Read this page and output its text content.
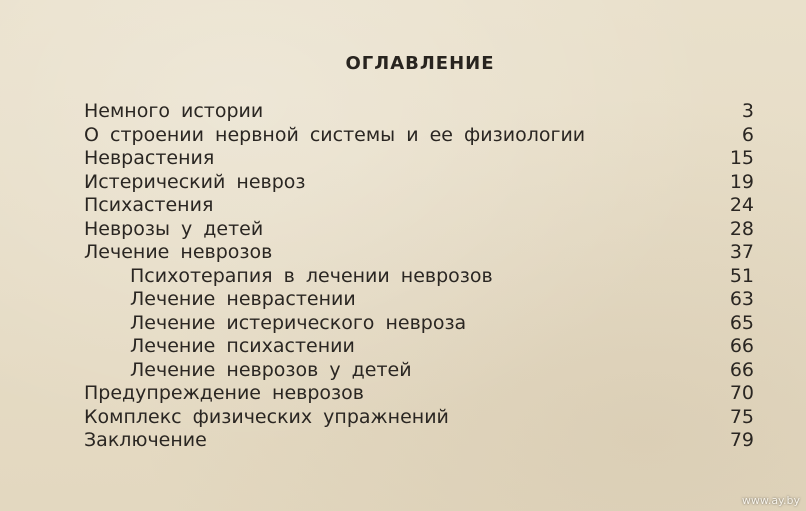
ОГЛАВЛЕНИЕ
Немного истории	3
О строении нервной системы и ее физиологии	6
Неврастения	15
Истерический невроз	19
Психастения	24
Неврозы у детей	28
Лечение неврозов	37
Психотерапия в лечении неврозов	51
Лечение неврастении	63
Лечение истерического невроза	65
Лечение психастении	66
Лечение неврозов у детей	66
Предупреждение неврозов	70
Комплекс физических упражнений	75
Заключение	79
www.ay.by
